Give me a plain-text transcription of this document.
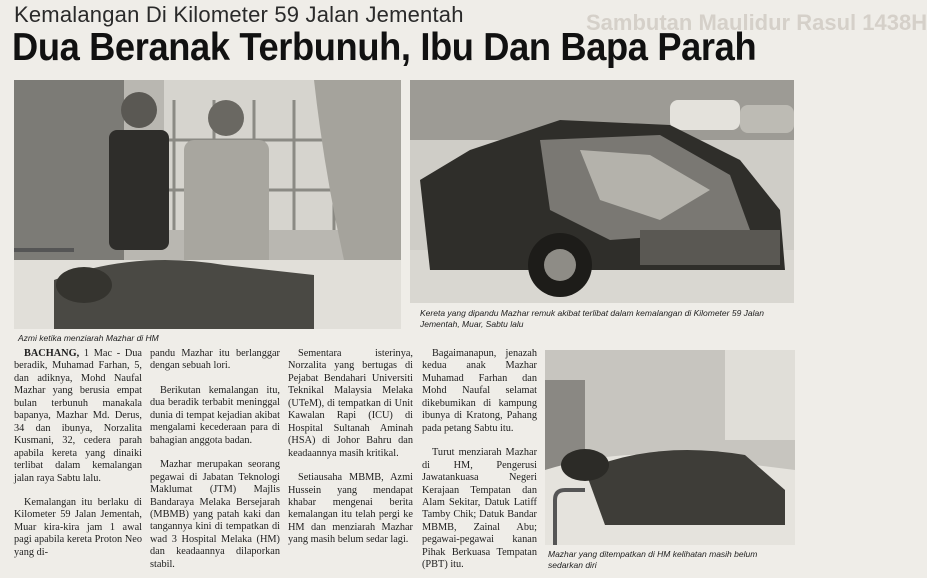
Sambutan Maulidur Rasul 1438H
Kemalangan Di Kilometer 59 Jalan Jementah
Dua Beranak Terbunuh, Ibu Dan Bapa Parah
Azmi ketika menziarah Mazhar di HM
Kereta yang dipandu Mazhar remuk akibat terlibat dalam kemalangan di Kilometer 59 Jalan Jementah, Muar, Sabtu lalu
Mazhar yang ditempatkan di HM kelihatan masih belum sedarkan diri

BACHANG, 1 Mac - Dua beradik, Muhamad Farhan, 5, dan adiknya, Mohd Naufal Mazhar yang berusia empat bulan terbunuh manakala bapanya, Mazhar Md. Derus, 34 dan ibunya, Norzalita Kusmani, 32, cedera parah apabila kereta yang dinaiki terlibat dalam kemalangan jalan raya Sabtu lalu.

Kemalangan itu berlaku di Kilometer 59 Jalan Jementah, Muar kira-kira jam 1 awal pagi apabila kereta Proton Neo yang di-

pandu Mazhar itu berlanggar dengan sebuah lori.

Berikutan kemalangan itu, dua beradik terbabit meninggal dunia di tempat kejadian akibat mengalami kecederaan para di bahagian anggota badan.

Mazhar merupakan seorang pegawai di Jabatan Teknologi Maklumat (JTM) Majlis Bandaraya Melaka Bersejarah (MBMB) yang patah kaki dan tangannya kini di tempatkan di wad 3 Hospital Melaka (HM) dan keadaannya dilaporkan stabil.

Sementara isterinya, Norzalita yang bertugas di Pejabat Bendahari Universiti Teknikal Malaysia Melaka (UTeM), di tempatkan di Unit Kawalan Rapi (ICU) di Hospital Sultanah Aminah (HSA) di Johor Bahru dan keadaannya masih kritikal.

Setiausaha MBMB, Azmi Hussein yang mendapat khabar mengenai berita kemalangan itu telah pergi ke HM dan menziarah Mazhar yang masih belum sedar lagi.

Bagaimanapun, jenazah kedua anak Mazhar Muhamad Farhan dan Mohd Naufal selamat dikebumikan di kampung ibunya di Kratong, Pahang pada petang Sabtu itu.

Turut menziarah Mazhar di HM, Pengerusi Jawatankuasa Negeri Kerajaan Tempatan dan Alam Sekitar, Datuk Latiff Tamby Chik; Datuk Bandar MBMB, Zainal Abu; pegawai-pegawai kanan Pihak Berkuasa Tempatan (PBT) itu.
